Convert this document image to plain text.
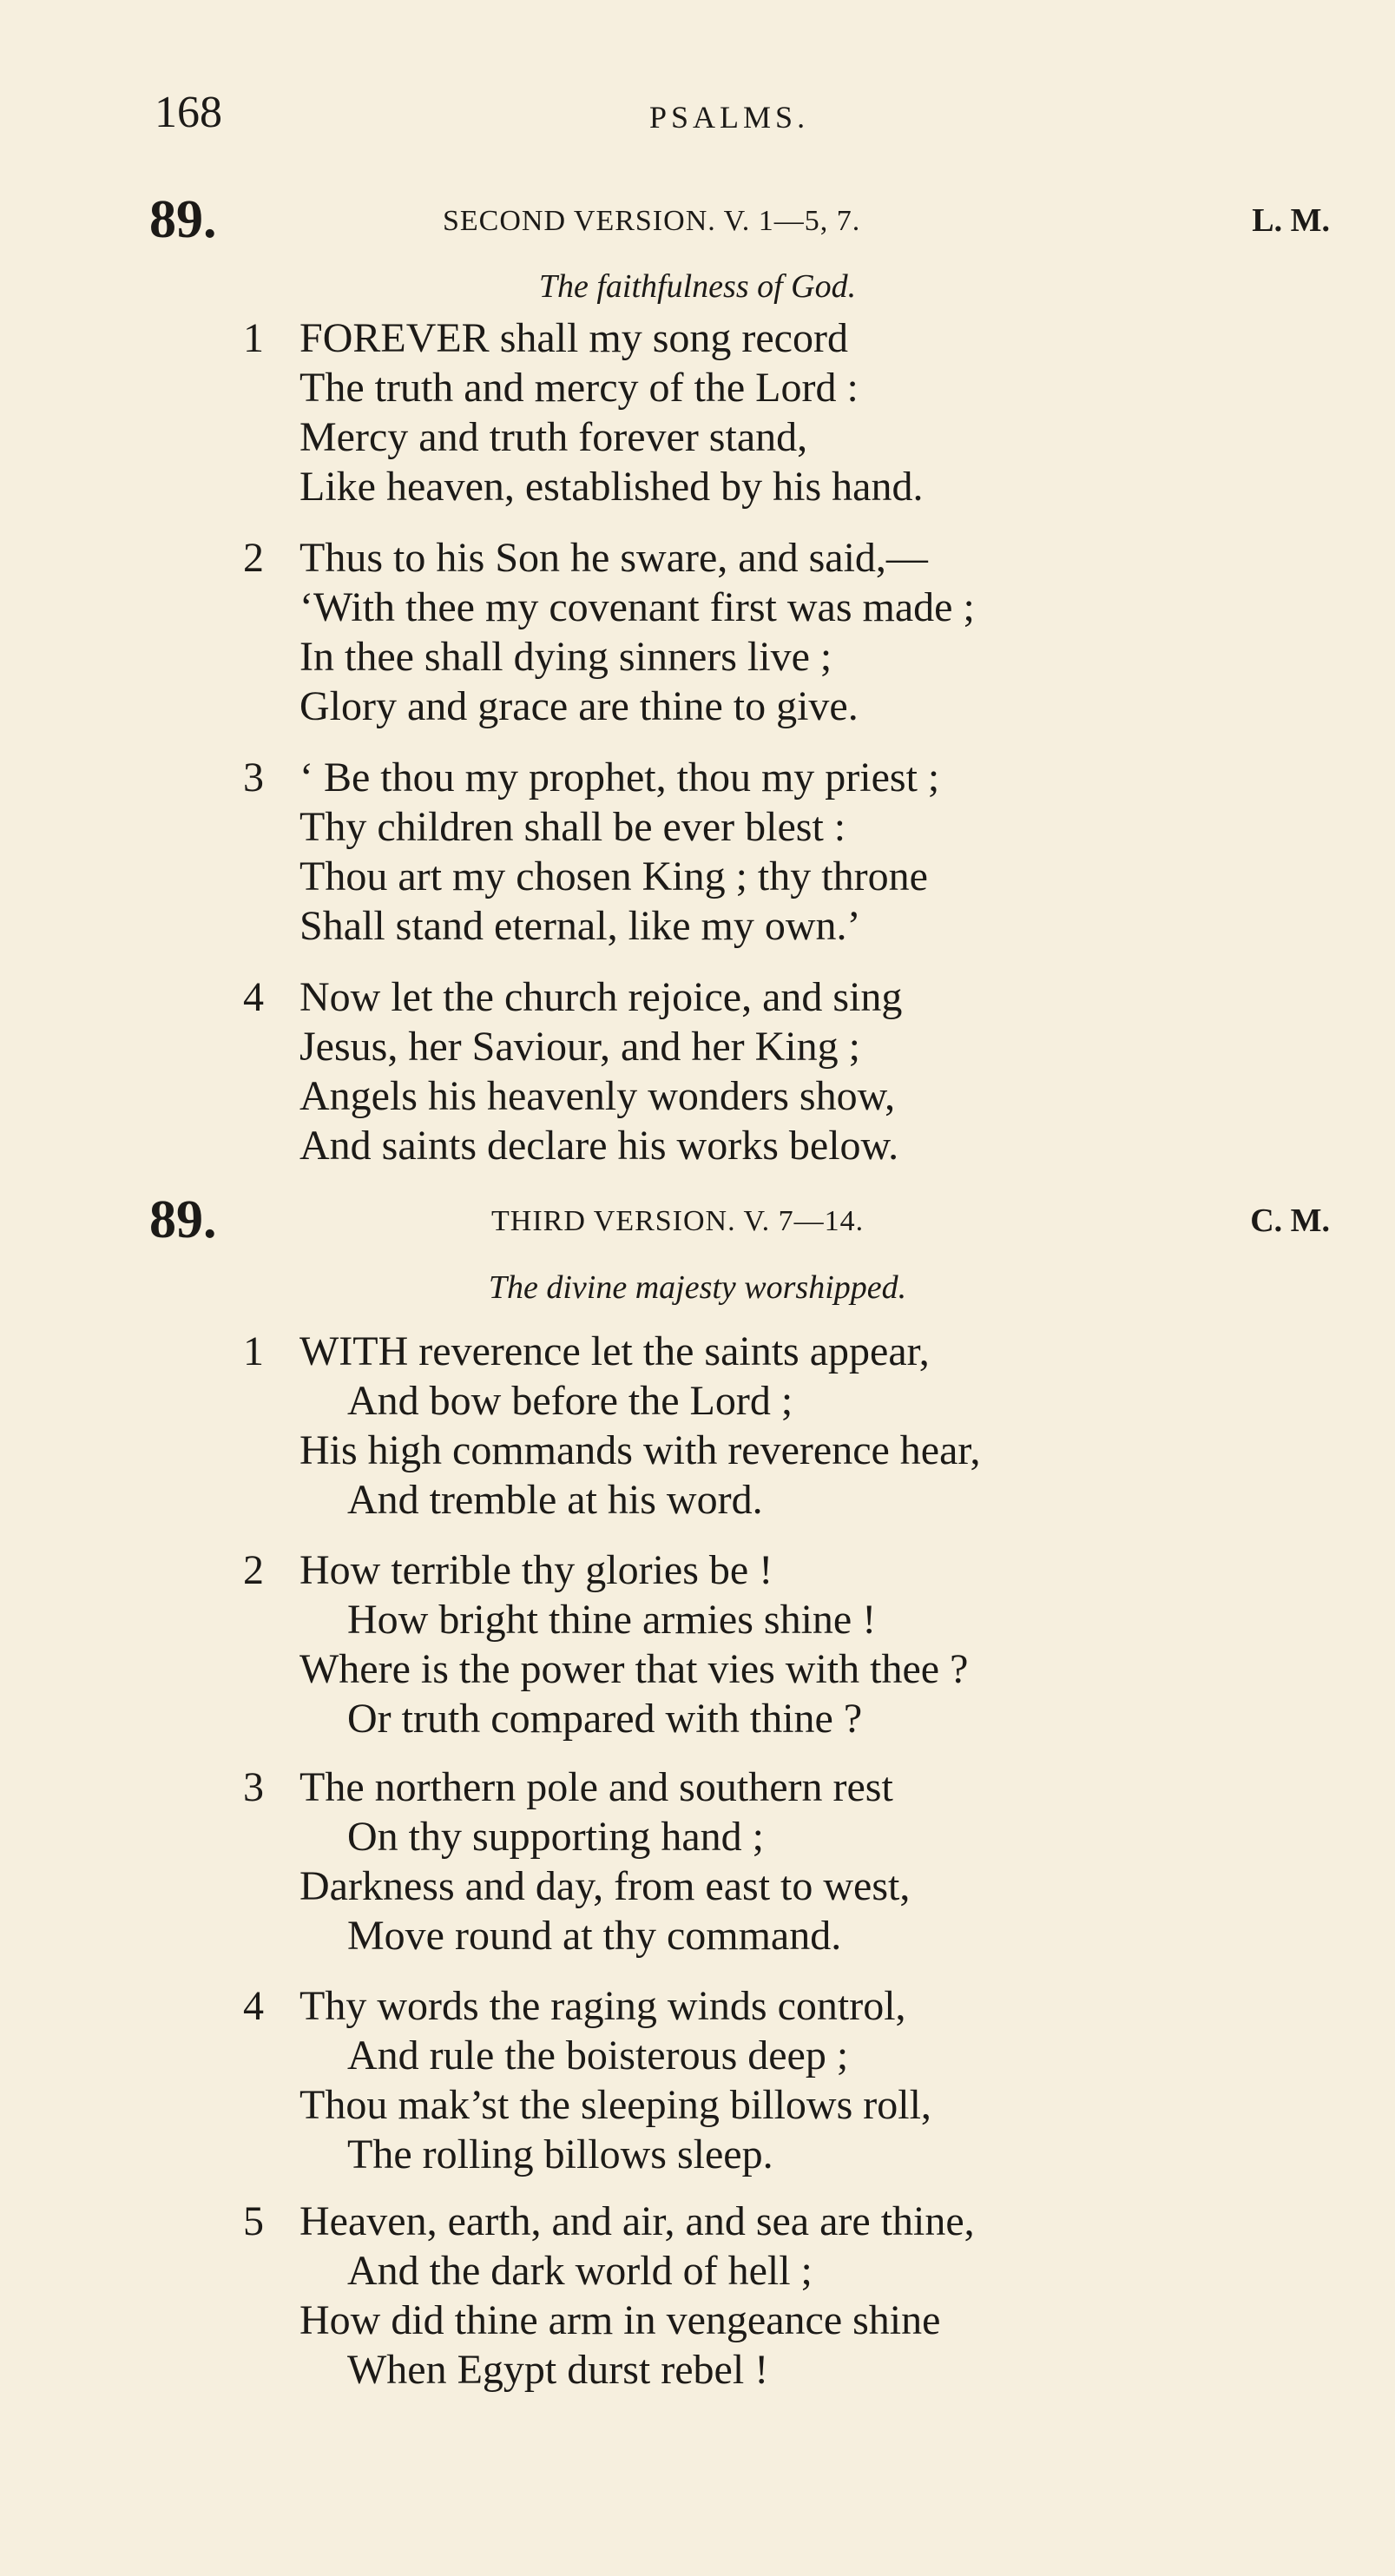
168	PSALMS.
89.	SECOND VERSION. V. 1—5, 7.	L. M.
The faithfulness of God.
1 FOREVER shall my song record
The truth and mercy of the Lord :
Mercy and truth forever stand,
Like heaven, established by his hand.
2 Thus to his Son he sware, and said,—
‘With thee my covenant first was made ;
In thee shall dying sinners live ;
Glory and grace are thine to give.
3 ‘ Be thou my prophet, thou my priest ;
Thy children shall be ever blest :
Thou art my chosen King ; thy throne
Shall stand eternal, like my own.’
4 Now let the church rejoice, and sing
Jesus, her Saviour, and her King ;
Angels his heavenly wonders show,
And saints declare his works below.
89.	THIRD VERSION. V. 7—14.	C. M.
The divine majesty worshipped.
1 WITH reverence let the saints appear,
And bow before the Lord ;
His high commands with reverence hear,
And tremble at his word.
2 How terrible thy glories be !
How bright thine armies shine !
Where is the power that vies with thee ?
Or truth compared with thine ?
3 The northern pole and southern rest
On thy supporting hand ;
Darkness and day, from east to west,
Move round at thy command.
4 Thy words the raging winds control,
And rule the boisterous deep ;
Thou mak’st the sleeping billows roll,
The rolling billows sleep.
5 Heaven, earth, and air, and sea are thine,
And the dark world of hell ;
How did thine arm in vengeance shine
When Egypt durst rebel !
